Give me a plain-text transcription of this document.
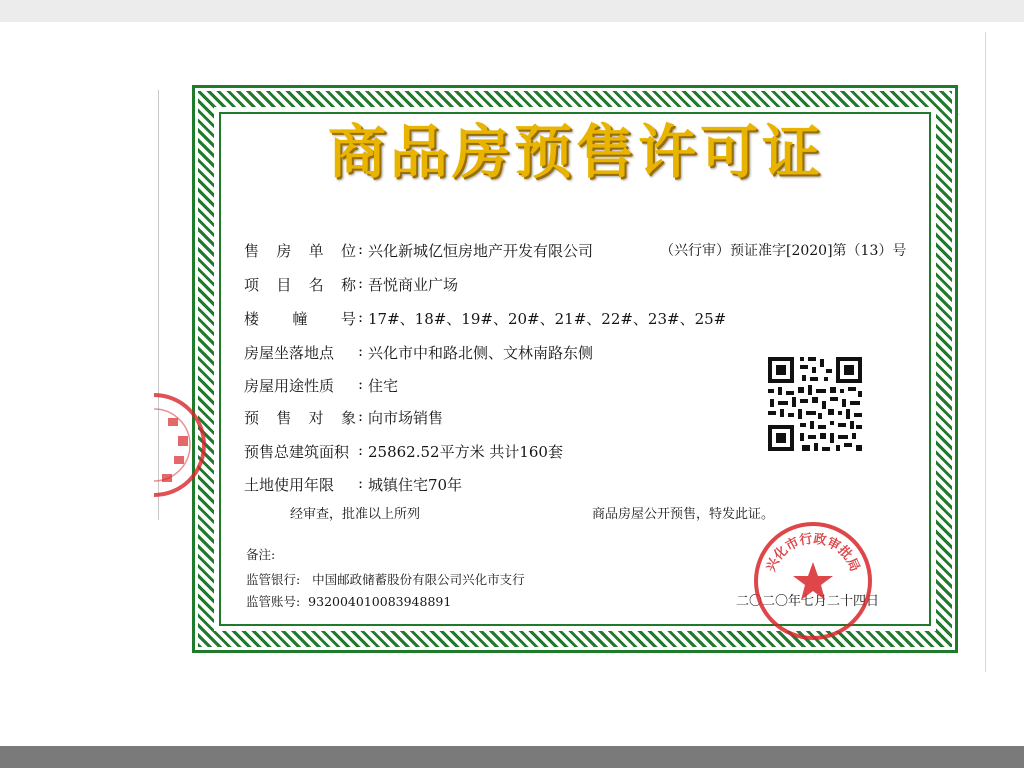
商品房预售许可证
（兴行审）预证准字[2020]第（13）号
售 房 单 位 : 兴化新城亿恒房地产开发有限公司
项 目 名 称 : 吾悦商业广场
楼 幢 号 : 17#、18#、19#、20#、21#、22#、23#、25#
房屋坐落地点	: 兴化市中和路北侧、文林南路东侧
房屋用途性质	: 住宅
预 售 对 象 : 向市场销售
预售总建筑面积 : 25862.52平方米 共计160套
土地使用年限	: 城镇住宅70年
经审查，批准以上所列	商品房屋公开预售，特发此证。
备注:
监管银行: 中国邮政储蓄股份有限公司兴化市支行
监管账号: 932004010083948891	二〇二〇年七月二十四日
兴化市行政审批局
